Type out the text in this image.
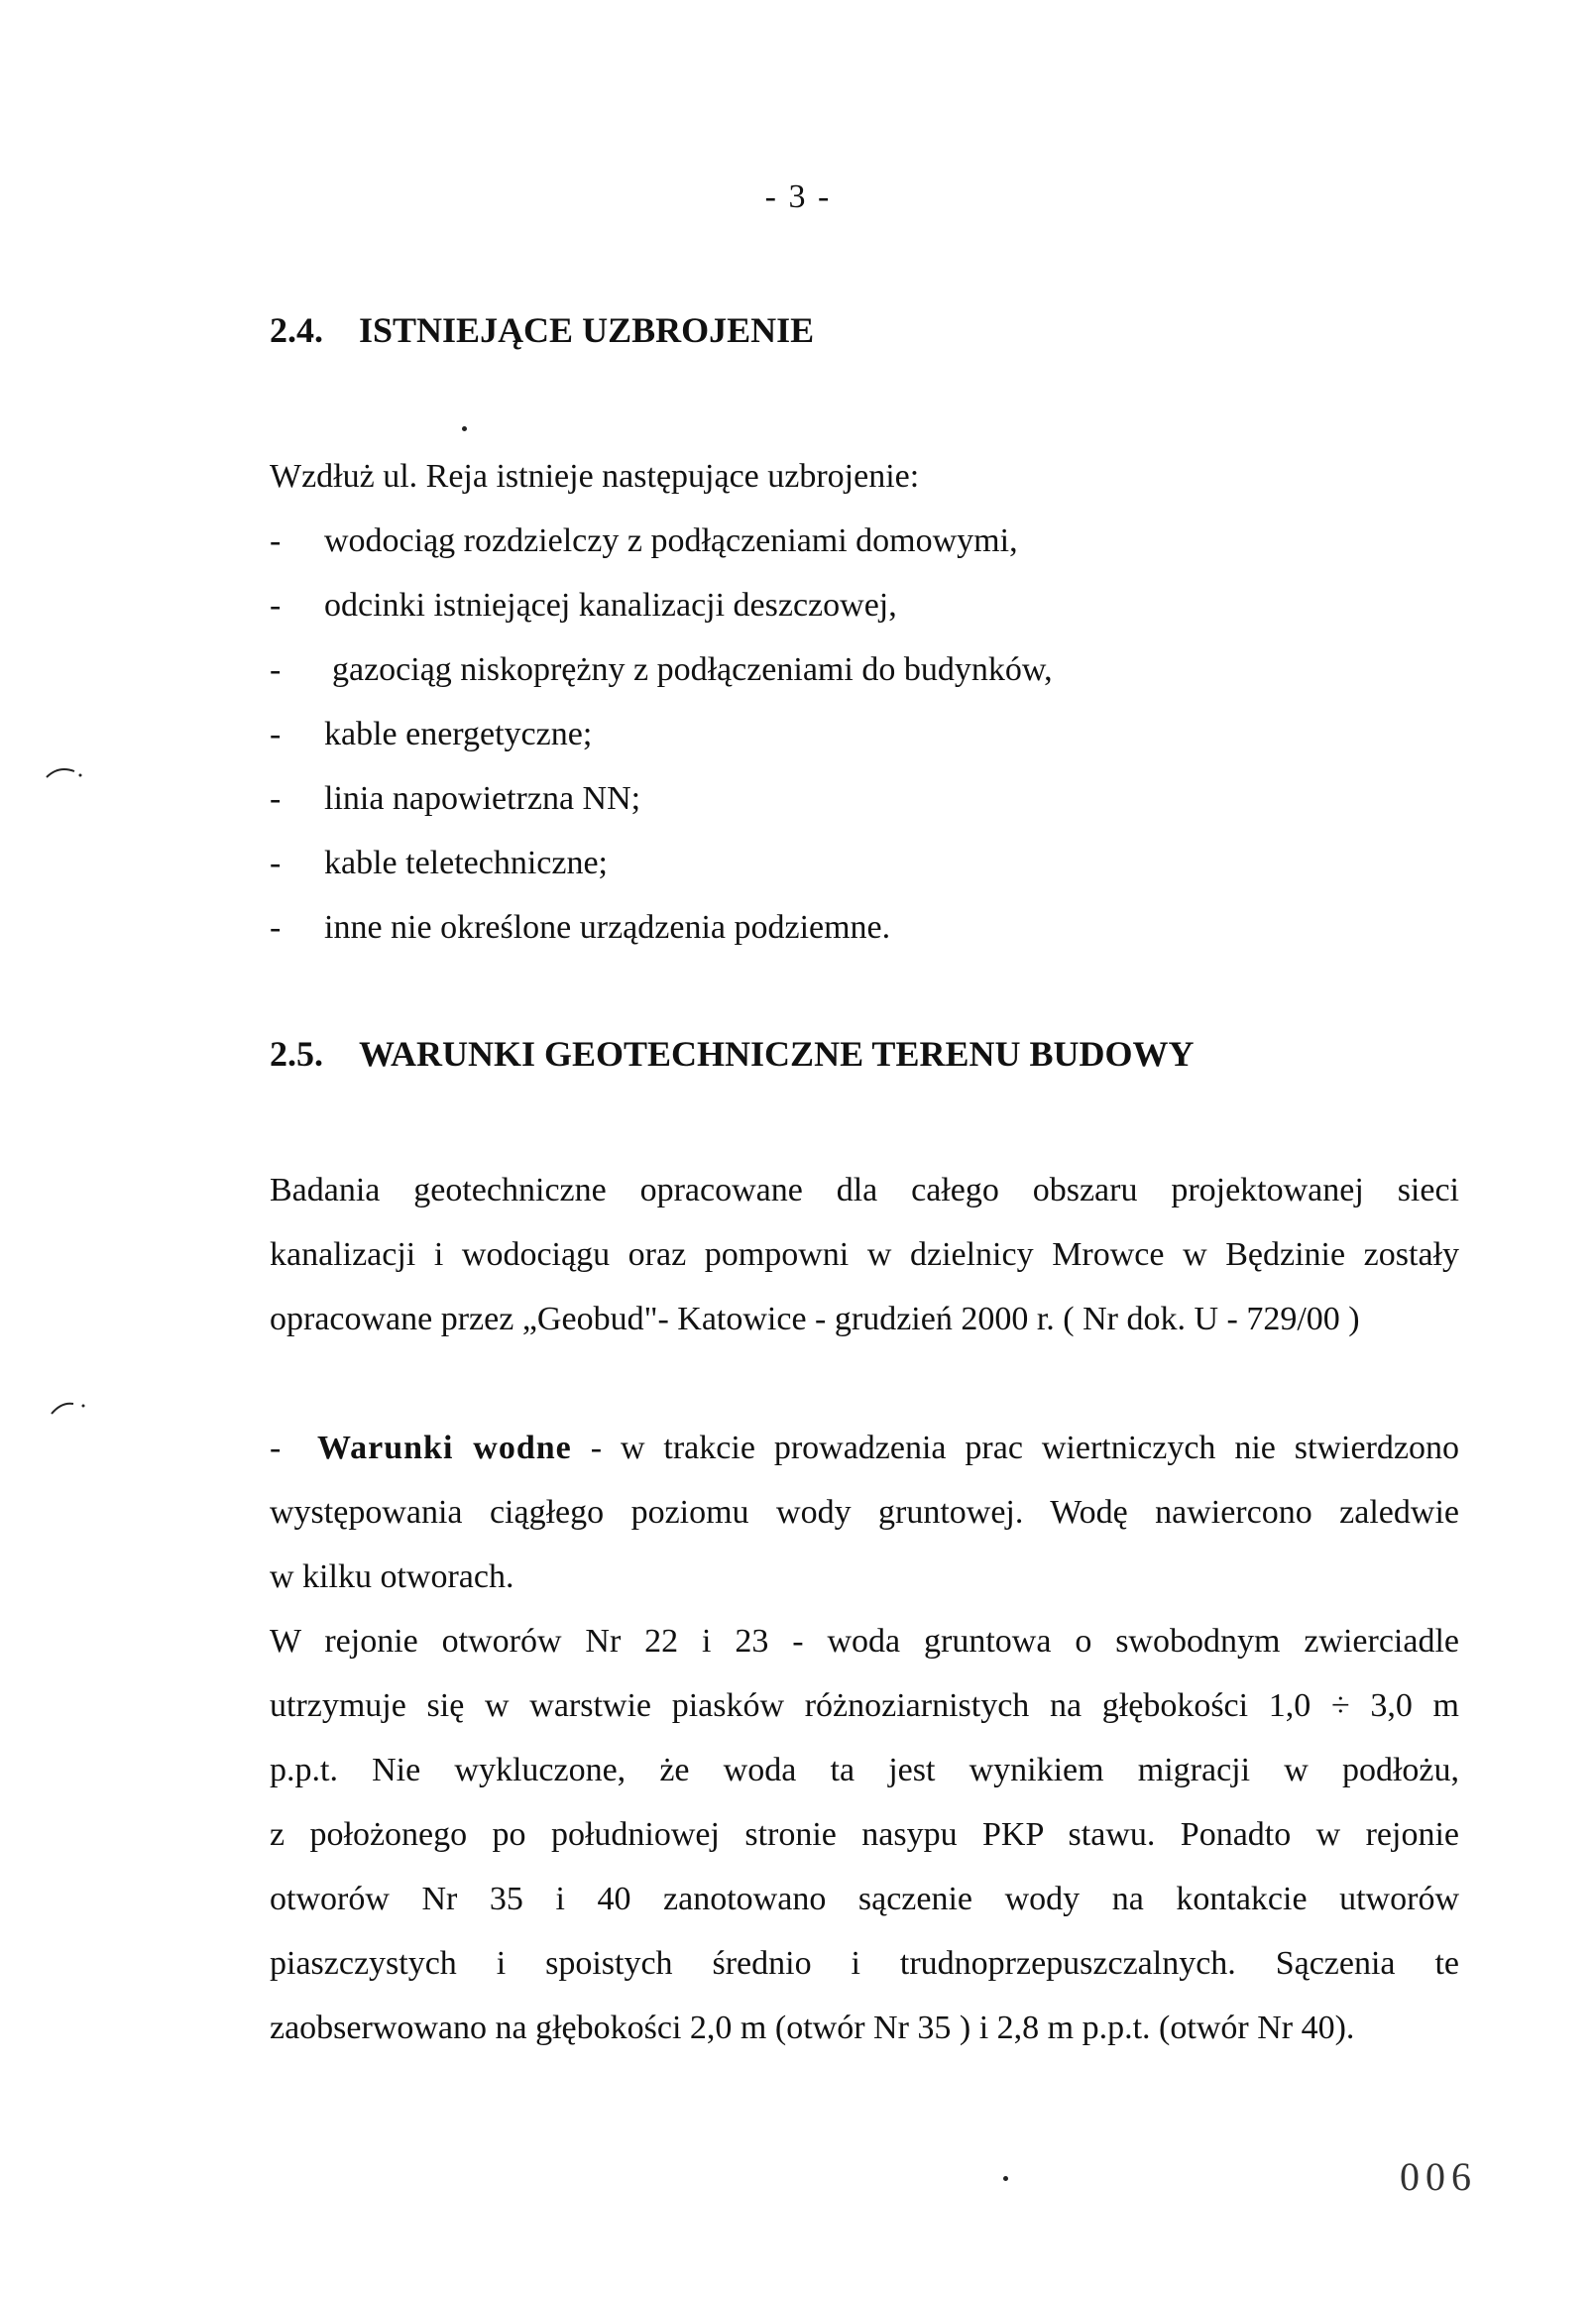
- 3 -
2.4. ISTNIEJĄCE UZBROJENIE
Wzdłuż ul. Reja istnieje następujące uzbrojenie:
- wodociąg rozdzielczy z podłączeniami domowymi,
- odcinki istniejącej kanalizacji deszczowej,
- gazociąg niskoprężny z podłączeniami do budynków,
- kable energetyczne;
- linia napowietrzna NN;
- kable teletechniczne;
- inne nie określone urządzenia podziemne.
2.5. WARUNKI GEOTECHNICZNE TERENU BUDOWY

Badania geotechniczne opracowane dla całego obszaru projektowanej sieci

kanalizacji i wodociągu oraz pompowni w dzielnicy Mrowce w Będzinie zostały

opracowane przez „Geobud"- Katowice - grudzień 2000 r. ( Nr dok. U - 729/00 )

- Warunki wodne - w trakcie prowadzenia prac wiertniczych nie stwierdzono

występowania ciągłego poziomu wody gruntowej. Wodę nawiercono zaledwie

w kilku otworach.

W rejonie otworów Nr 22 i 23 - woda gruntowa o swobodnym zwierciadle

utrzymuje się w warstwie piasków różnoziarnistych na głębokości 1,0 ÷ 3,0 m

p.p.t. Nie wykluczone, że woda ta jest wynikiem migracji w podłożu,

z położonego po południowej stronie nasypu PKP stawu. Ponadto w rejonie

otworów Nr 35 i 40 zanotowano sączenie wody na kontakcie utworów

piaszczystych i spoistych średnio i trudnoprzepuszczalnych. Sączenia te

zaobserwowano na głębokości 2,0 m (otwór Nr 35 ) i 2,8 m p.p.t. (otwór Nr 40).

006
